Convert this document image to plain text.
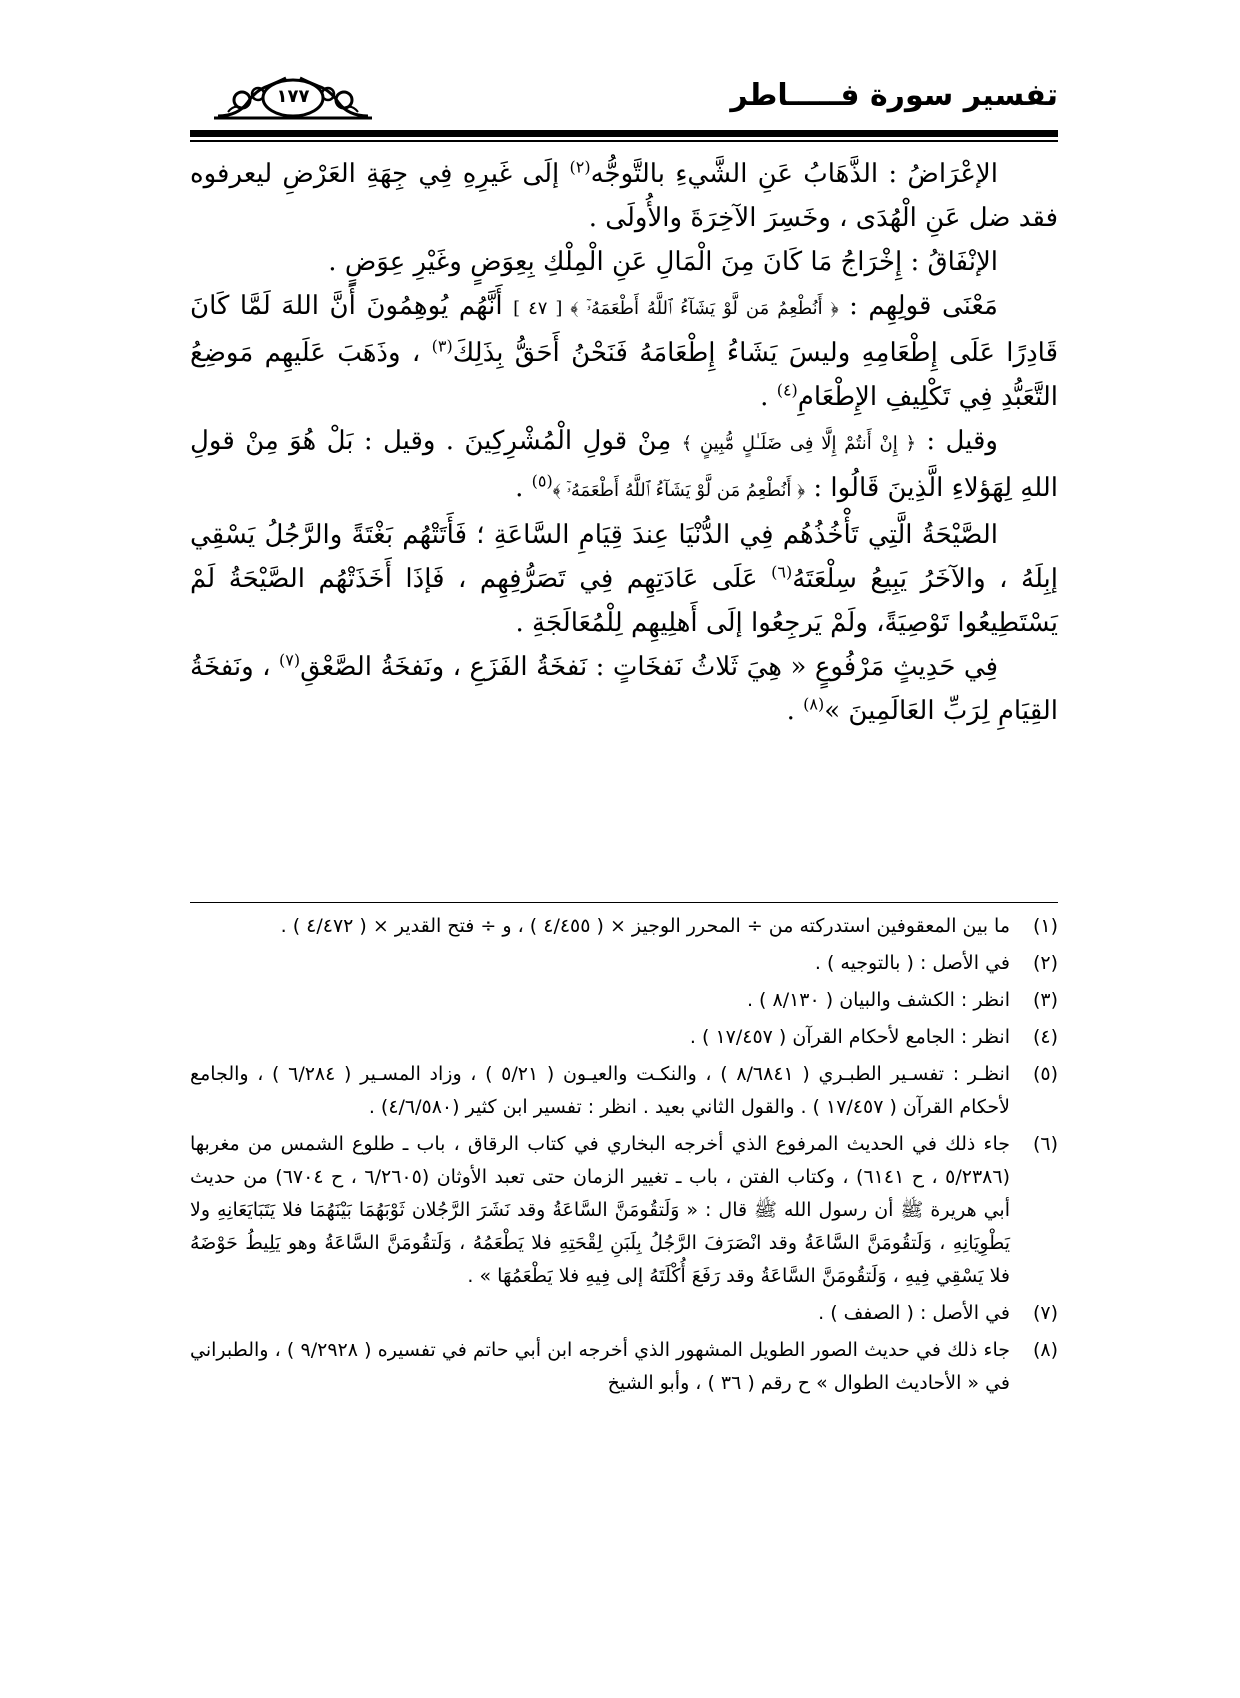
تفسير سورة فـــــاطر
١٧٧

الإعْرَاضُ : الذَّهَابُ عَنِ الشَّيءِ بالتَّوجُّه$^{(٢)}$ إلَى غَيرِهِ فِي جِهَةِ العَرْضِ ليعرفوه فقد ضل عَنِ الْهُدَى ، وخَسِرَ الآخِرَةَ والأُولَى .

الإنْفَاقُ : إِخْرَاجُ مَا كَانَ مِنَ الْمَالِ عَنِ الْمِلْكِ بِعِوَضٍ وغَيْرِ عِوَضٍ .

مَعْنَى قولِهِم : ﴿ أَنُطْعِمُ مَن لَّوْ يَشَآءُ ٱللَّهُ أَطْعَمَهُۥٓ ﴾ [ ٤٧ ] أَنَّهُم يُوهِمُونَ أَنَّ اللهَ لَمَّا كَانَ قَادِرًا عَلَى إِطْعَامِهِ وليسَ يَشَاءُ إِطْعَامَهُ فَنَحْنُ أَحَقُّ بِذَلِكَ$^{(٣)}$ ، وذَهَبَ عَلَيهِم مَوضِعُ التَّعَبُّدِ فِي تَكْلِيفِ الإِطْعَامِ$^{(٤)}$ .

وقيل : ﴿ إِنْ أَنتُمْ إِلَّا فِى ضَلَـٰلٍ مُّبِينٍ ﴾ مِنْ قولِ الْمُشْرِكِينَ . وقيل : بَلْ هُوَ مِنْ قولِ اللهِ لِهَؤلاءِ الَّذِينَ قَالُوا : ﴿ أَنُطْعِمُ مَن لَّوْ يَشَآءُ ٱللَّهُ أَطْعَمَهُۥٓ ﴾$^{(٥)}$ .

الصَّيْحَةُ الَّتِي تَأْخُذُهُم فِي الدُّنْيَا عِندَ قِيَامِ السَّاعَةِ ؛ فَأَتَتْهُم بَغْتَةً والرَّجُلُ يَسْقِي إبِلَهُ ، والآخَرُ يَبِيعُ سِلْعَتَهُ$^{(٦)}$ عَلَى عَادَتِهِم فِي تَصَرُّفِهِم ، فَإذَا أَخَذَتْهُم الصَّيْحَةُ لَمْ يَسْتَطِيعُوا تَوْصِيَةً، ولَمْ يَرجِعُوا إلَى أَهلِيهِم لِلْمُعَالَجَةِ .

فِي حَدِيثٍ مَرْفُوعٍ « هِيَ ثَلاثُ نَفخَاتٍ : نَفخَةُ الفَزَعِ ، ونَفخَةُ الصَّعْقِ$^{(٧)}$ ، ونَفخَةُ القِيَامِ لِرَبِّ العَالَمِينَ »$^{(٨)}$ .

(١)
ما بين المعقوفين استدركته من ÷ المحرر الوجيز × ( ٤/٤٥٥ ) ، و ÷ فتح القدير × ( ٤/٤٧٢ ) .
(٢)
في الأصل : ( بالتوجيه ) .
(٣)
انظر : الكشف والبيان ( ٨/١٣٠ ) .
(٤)
انظر : الجامع لأحكام القرآن ( ١٧/٤٥٧ ) .
(٥)
انظـر : تفسـير الطبـري ( ٨/٦٨٤١ ) ، والنكـت والعيـون ( ٥/٢١ ) ، وزاد المسـير ( ٦/٢٨٤ ) ، والجامع لأحكام القرآن ( ١٧/٤٥٧ ) . والقول الثاني بعيد . انظر : تفسير ابن كثير (٤/٦/٥٨٠) .
(٦)
جاء ذلك في الحديث المرفوع الذي أخرجه البخاري في كتاب الرقاق ، باب ـ طلوع الشمس من مغربها (٥/٢٣٨٦ ، ح ٦١٤١) ، وكتاب الفتن ، باب ـ تغيير الزمان حتى تعبد الأوثان (٦/٢٦٠٥ ، ح ٦٧٠٤) من حديث أبي هريرة ﷺ أن رسول الله ﷺ قال : « وَلَتقُومَنَّ السَّاعَةُ وقد نَشَرَ الرَّجُلان ثَوْبَهُمَا بَيْنَهُمَا فلا يَتَبَايَعَانِهِ ولا يَطْوِيَانِهِ ، وَلَتقُومَنَّ السَّاعَةُ وقد انْصَرَفَ الرَّجُلُ بِلَبَنِ لِقْحَتِهِ فلا يَطْعَمُهُ ، وَلَتقُومَنَّ السَّاعَةُ وهو يَلِيطُ حَوْضَهُ فلا يَسْقِي فِيهِ ، وَلَتقُومَنَّ السَّاعَةُ وقد رَفَعَ أُكْلَتَهُ إلى فِيهِ فلا يَطْعَمُهَا » .
(٧)
في الأصل : ( الصفف ) .
(٨)
جاء ذلك في حديث الصور الطويل المشهور الذي أخرجه ابن أبي حاتم في تفسيره ( ٩/٢٩٢٨ ) ، والطبراني في « الأحاديث الطوال » ح رقم ( ٣٦ ) ، وأبو الشيخ
